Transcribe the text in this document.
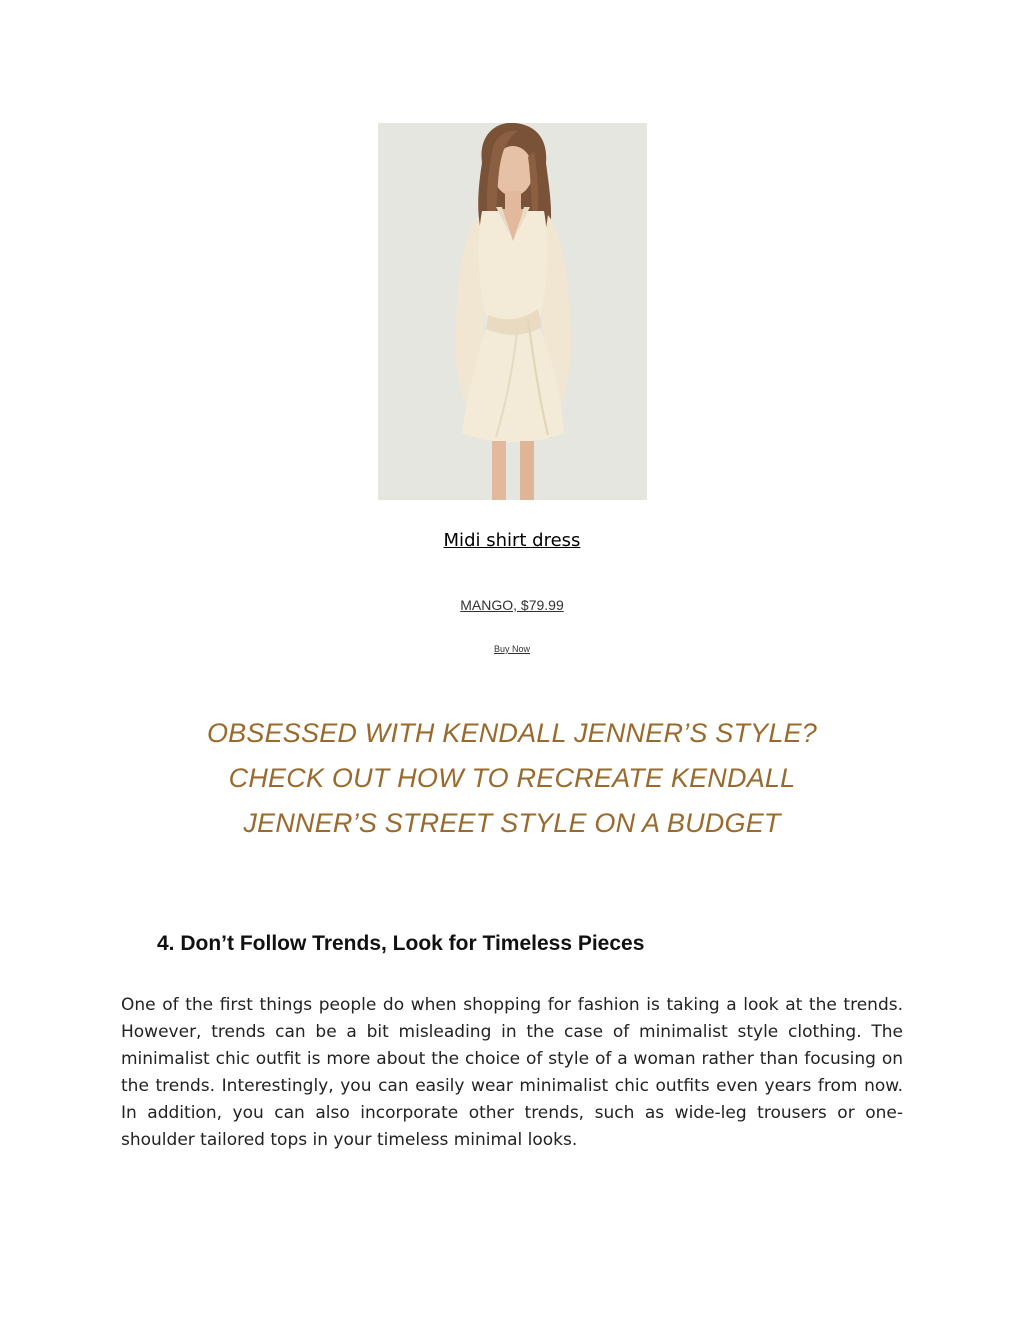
Midi shirt dress
MANGO, $79.99
Buy Now
OBSESSED WITH KENDALL JENNER’S STYLE?
CHECK OUT HOW TO RECREATE KENDALL
JENNER’S STREET STYLE ON A BUDGET
4. Don’t Follow Trends, Look for Timeless Pieces

One of the first things people do when shopping for fashion is taking a look at the trends. However, trends can be a bit misleading in the case of minimalist style clothing. The minimalist chic outfit is more about the choice of style of a woman rather than focusing on the trends. Interestingly, you can easily wear minimalist chic outfits even years from now. In addition, you can also incorporate other trends, such as wide-leg trousers or one-shoulder tailored tops in your timeless minimal looks.
